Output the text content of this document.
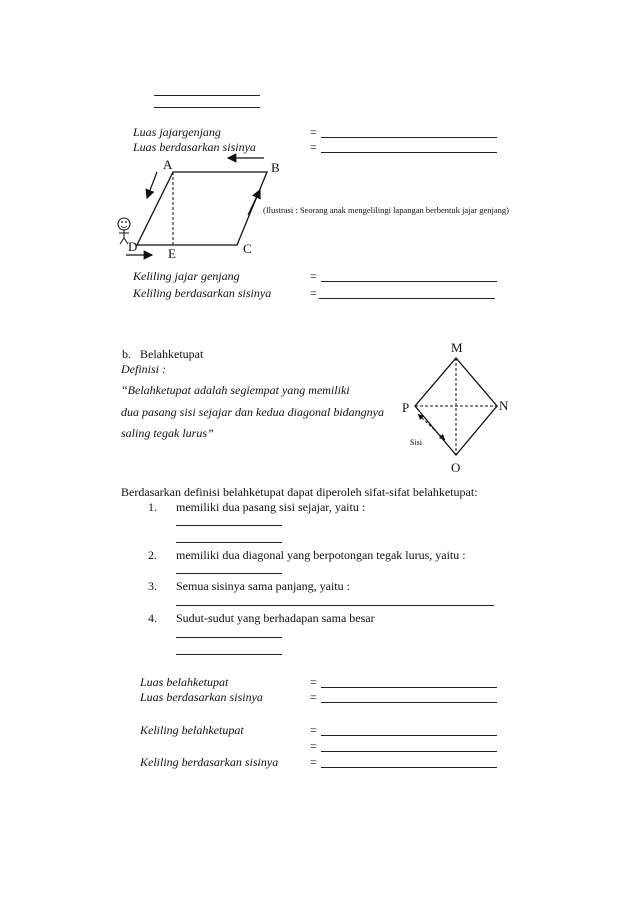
Luas jajargenjang	=
Luas berdasarkan sisinya	=
A	B
C
D E
(Ilustrasi : Seorang anak mengelilingi lapangan berbentuk jajar genjang)
Keliling jajar genjang	=
Keliling berdasarkan sisinya	=
b.   Belahketupat
Definisi :
“Belahketupat adalah segiempat yang memiliki
dua pasang sisi sejajar dan kedua diagonal bidangnya
saling tegak lurus”
M
N
O
P
Sisi
Berdasarkan definisi belahketupat dapat diperoleh sifat-sifat belahketupat:
1. memiliki dua pasang sisi sejajar, yaitu :
2. memiliki dua diagonal yang berpotongan tegak lurus, yaitu :
3. Semua sisinya sama panjang, yaitu :
4. Sudut-sudut yang berhadapan sama besar
Luas belahketupat	=
Luas berdasarkan sisinya	=
Keliling belahketupat	=
=
Keliling berdasarkan sisinya	=
